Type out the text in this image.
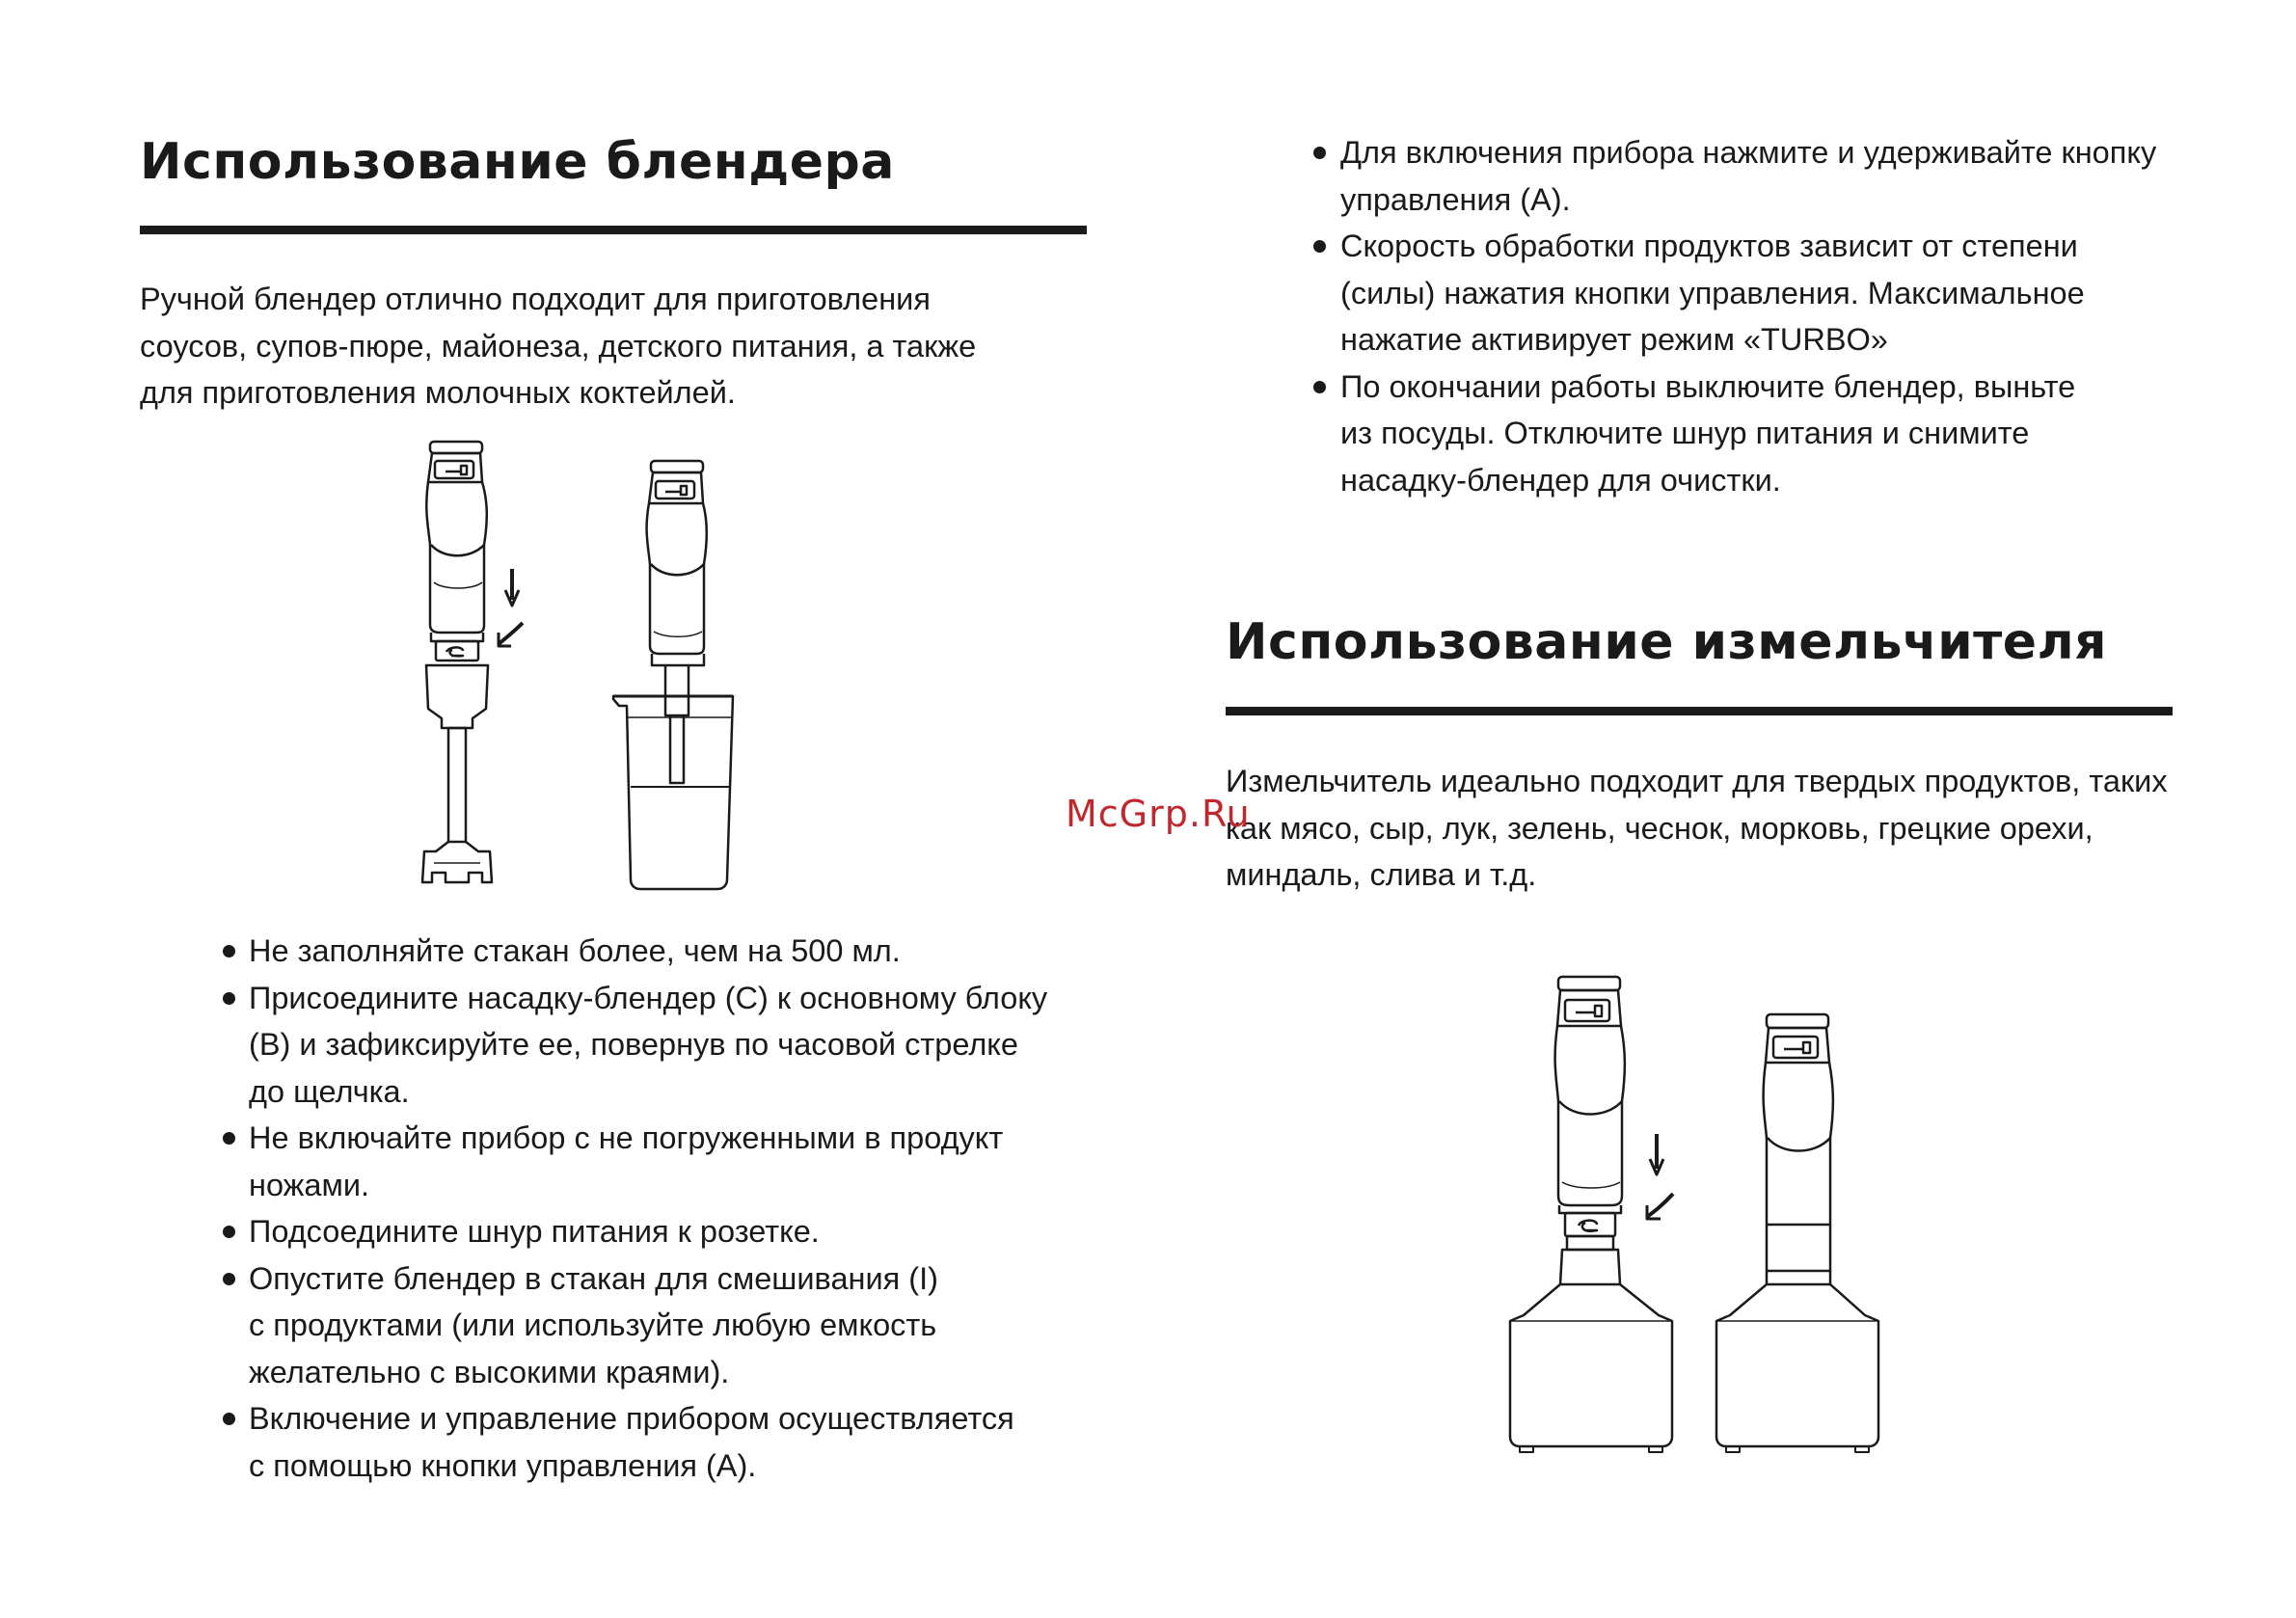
Использование блендера
Ручной блендер отлично подходит для приготовления
соусов, супов-пюре, майонеза, детского питания, а также
для приготовления молочных коктейлей.
Не заполняйте стакан более, чем на 500 мл.
Присоедините насадку-блендер (С) к основному блоку
(В) и зафиксируйте ее, повернув по часовой стрелке
до щелчка.
Не включайте прибор с не погруженными в продукт
ножами.
Подсоедините шнур питания к розетке.
Опустите блендер в стакан для смешивания (I)
с продуктами (или используйте любую емкость
желательно с высокими краями).
Включение и управление прибором осуществляется
с помощью кнопки управления (А).
Для включения прибора нажмите и удерживайте кнопку
управления (А).
Скорость обработки продуктов зависит от степени
(силы) нажатия кнопки управления. Максимальное
нажатие активирует режим «TURBO»
По окончании работы выключите блендер, выньте
из посуды. Отключите шнур питания и снимите
насадку-блендер для очистки.
Использование измельчителя
Измельчитель идеально подходит для твердых продуктов, таких
как мясо, сыр, лук, зелень, чеснок, морковь, грецкие орехи,
миндаль, слива и т.д.
McGrp.Ru
